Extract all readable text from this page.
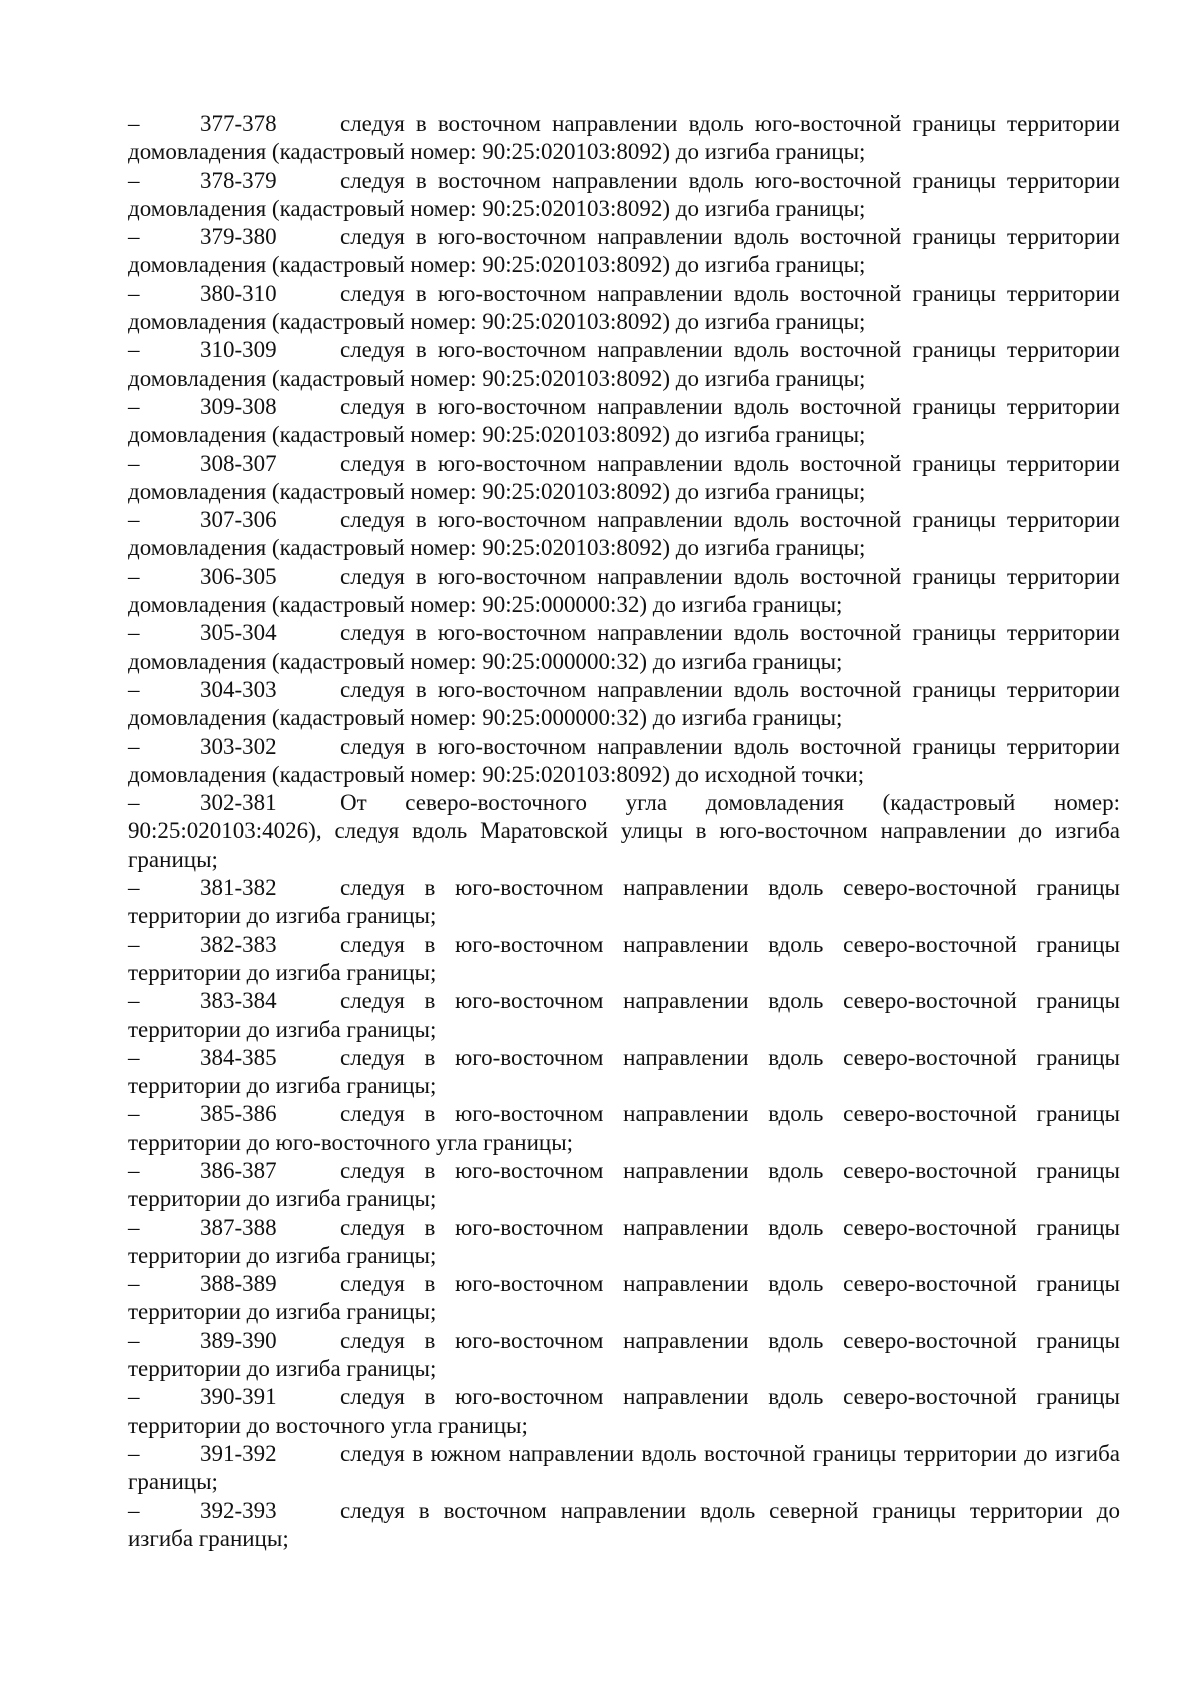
–	377-378	следуя в восточном направлении вдоль юго-восточной границы территории домовладения (кадастровый номер: 90:25:020103:8092) до изгиба границы;

–	378-379	следуя в восточном направлении вдоль юго-восточной границы территории домовладения (кадастровый номер: 90:25:020103:8092) до изгиба границы;

–	379-380	следуя в юго-восточном направлении вдоль восточной границы территории домовладения (кадастровый номер: 90:25:020103:8092) до изгиба границы;

–	380-310	следуя в юго-восточном направлении вдоль восточной границы территории домовладения (кадастровый номер: 90:25:020103:8092) до изгиба границы;

–	310-309	следуя в юго-восточном направлении вдоль восточной границы территории домовладения (кадастровый номер: 90:25:020103:8092) до изгиба границы;

–	309-308	следуя в юго-восточном направлении вдоль восточной границы территории домовладения (кадастровый номер: 90:25:020103:8092) до изгиба границы;

–	308-307	следуя в юго-восточном направлении вдоль восточной границы территории домовладения (кадастровый номер: 90:25:020103:8092) до изгиба границы;

–	307-306	следуя в юго-восточном направлении вдоль восточной границы территории домовладения (кадастровый номер: 90:25:020103:8092) до изгиба границы;

–	306-305	следуя в юго-восточном направлении вдоль восточной границы территории домовладения (кадастровый номер: 90:25:000000:32) до изгиба границы;

–	305-304	следуя в юго-восточном направлении вдоль восточной границы территории домовладения (кадастровый номер: 90:25:000000:32) до изгиба границы;

–	304-303	следуя в юго-восточном направлении вдоль восточной границы территории домовладения (кадастровый номер: 90:25:000000:32) до изгиба границы;

–	303-302	следуя в юго-восточном направлении вдоль восточной границы территории домовладения (кадастровый номер: 90:25:020103:8092) до исходной точки;

–	302-381	От северо-восточного угла домовладения (кадастровый номер: 90:25:020103:4026), следуя вдоль Маратовской улицы в юго-восточном направлении до изгиба границы;

–	381-382	следуя в юго-восточном направлении вдоль северо-восточной границы территории до изгиба границы;

–	382-383	следуя в юго-восточном направлении вдоль северо-восточной границы территории до изгиба границы;

–	383-384	следуя в юго-восточном направлении вдоль северо-восточной границы территории до изгиба границы;

–	384-385	следуя в юго-восточном направлении вдоль северо-восточной границы территории до изгиба границы;

–	385-386	следуя в юго-восточном направлении вдоль северо-восточной границы территории до юго-восточного угла границы;

–	386-387	следуя в юго-восточном направлении вдоль северо-восточной границы территории до изгиба границы;

–	387-388	следуя в юго-восточном направлении вдоль северо-восточной границы территории до изгиба границы;

–	388-389	следуя в юго-восточном направлении вдоль северо-восточной границы территории до изгиба границы;

–	389-390	следуя в юго-восточном направлении вдоль северо-восточной границы территории до изгиба границы;

–	390-391	следуя в юго-восточном направлении вдоль северо-восточной границы территории до восточного угла границы;

–	391-392	следуя в южном направлении вдоль восточной границы территории до изгиба границы;

–	392-393	следуя в восточном направлении вдоль северной границы территории до изгиба границы;
